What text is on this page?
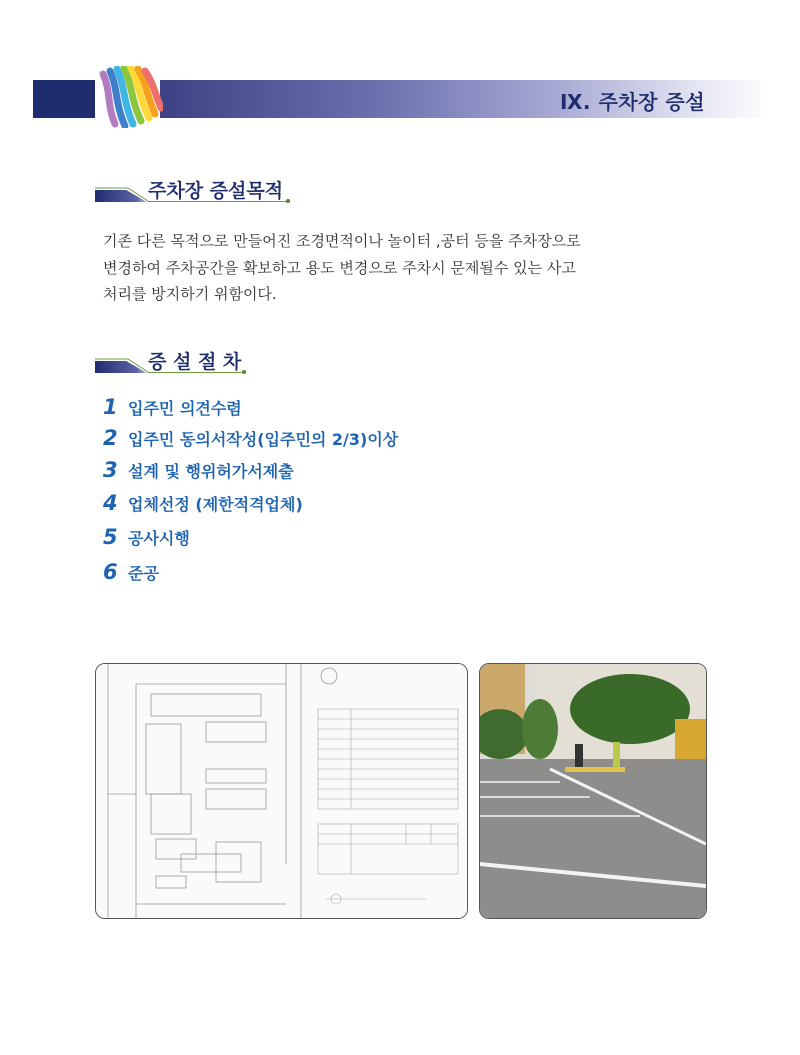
Ⅸ. 주차장 증설
주차장 증설목적
기존 다른 목적으로 만들어진 조경면적이나 놀이터 ,공터 등을 주차장으로
변경하여 주차공간을 확보하고 용도 변경으로 주차시 문제될수 있는 사고
처리를 방지하기 위함이다.
증 설 절 차
1 입주민 의견수렴
2 입주민 동의서작성(입주민의 2/3)이상
3 설계 및 행위허가서제출
4 업체선정 (제한적격업체)
5 공사시행
6 준공
